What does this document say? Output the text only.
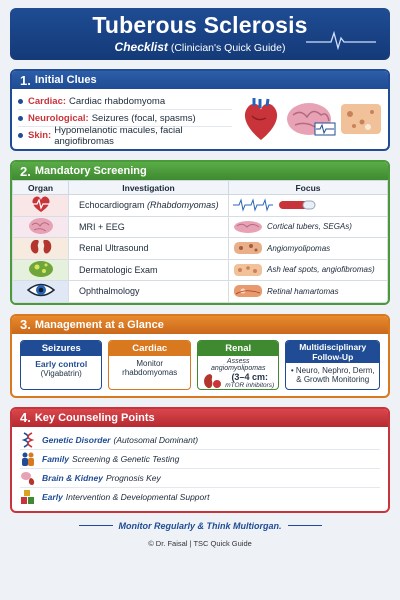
Tuberous Sclerosis
Checklist (Clinician's Quick Guide)
1. Initial Clues
Cardiac: Cardiac rhabdomyoma
Neurological: Seizures (focal, spasms)
Skin: Hypomelanotic macules, facial angiofibromas
2. Mandatory Screening
Organ	Investigation	Focus
	Echocardiogram (Rhabdomyomas)	

	MRI + EEG	Cortical tubers, SEGAs)

	Renal Ultrasound	Angiomyolipomas

	Dermatologic Exam	Ash leaf spots, angiofibromas)

	Ophthalmology	Retinal hamartomas
3. Management at a Glance
Seizures
Early control
(Vigabatrin)
Cardiac
Monitor rhabdomyomas
Renal
Assess angiomyolipomas
(3–4 cm:
mTOR inhibitors)
Multidisciplinary Follow-Up
• Neuro, Nephro, Derm,
& Growth Monitoring
4. Key Counseling Points
Genetic Disorder (Autosomal Dominant)
Family Screening & Genetic Testing
Brain & Kidney Prognosis Key
Early Intervention & Developmental Support
Monitor Regularly & Think Multiorgan.
© Dr. Faisal | TSC Quick Guide
